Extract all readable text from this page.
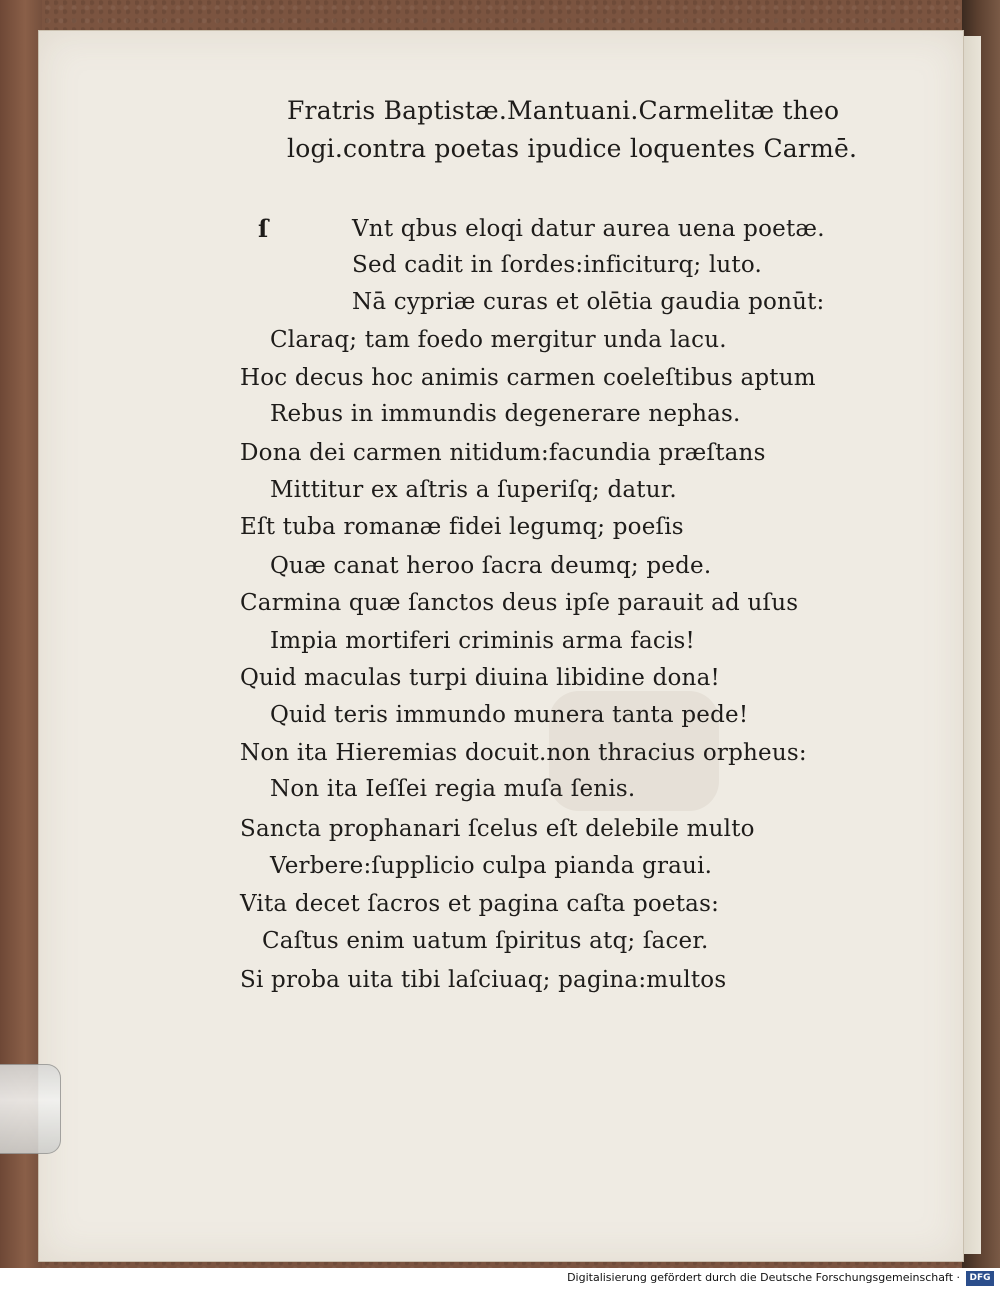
Fratris Baptistæ.Mantuani.Carmelitæ theo
logi.contra poetas ipudice loquentes Carmē.
ſ	Vnt qbus eloqi datur aurea uena poetæ.
Sed cadit in ſordes:inficiturq; luto.
Nā cypriæ curas et olētia gaudia ponūt:
Claraq; tam foedo mergitur unda lacu.
Hoc decus hoc animis carmen coeleſtibus aptum
Rebus in immundis degenerare nephas.
Dona dei carmen nitidum:facundia præſtans
Mittitur ex aſtris a ſuperiſq; datur.
Eſt tuba romanæ fidei legumq; poeſis
Quæ canat heroo ſacra deumq; pede.
Carmina quæ ſanctos deus ipſe parauit ad uſus
Impia mortiferi criminis arma facis!
Quid maculas turpi diuina libidine dona!
Quid teris immundo munera tanta pede!
Non ita Hieremias docuit.non thracius orpheus:
Non ita Ieſſei regia muſa ſenis.
Sancta prophanari ſcelus eſt delebile multo
Verbere:ſupplicio culpa pianda graui.
Vita decet ſacros et pagina caſta poetas:
Caſtus enim uatum ſpiritus atq; ſacer.
Si proba uita tibi laſciuaq; pagina:multos
Digitalisierung gefördert durch die Deutsche Forschungsgemeinschaft ·	DFG
